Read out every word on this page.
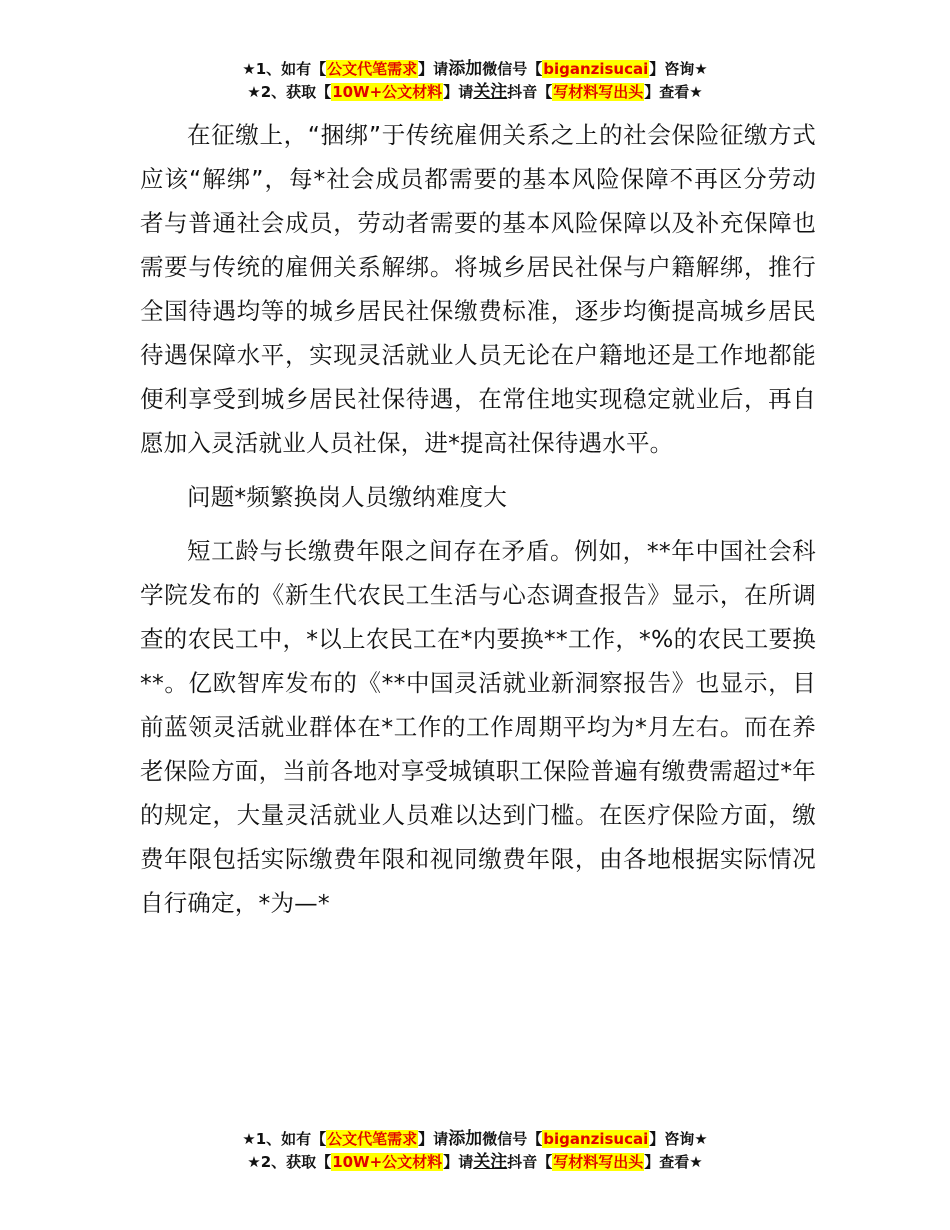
★1、如有【公文代笔需求】请添加微信号【biganzisucai】咨询★
★2、获取【10W+公文材料】请关注抖音【写材料写出头】查看★

在征缴上，“捆绑”于传统雇佣关系之上的社会保险征缴方式应该“解绑”，每*社会成员都需要的基本风险保障不再区分劳动者与普通社会成员，劳动者需要的基本风险保障以及补充保障也需要与传统的雇佣关系解绑。将城乡居民社保与户籍解绑，推行全国待遇均等的城乡居民社保缴费标准，逐步均衡提高城乡居民待遇保障水平，实现灵活就业人员无论在户籍地还是工作地都能便利享受到城乡居民社保待遇，在常住地实现稳定就业后，再自愿加入灵活就业人员社保，进*提高社保待遇水平。

问题*频繁换岗人员缴纳难度大

短工龄与长缴费年限之间存在矛盾。例如，**年中国社会科学院发布的《新生代农民工生活与心态调查报告》显示，在所调查的农民工中，*以上农民工在*内要换**工作，*%的农民工要换**。亿欧智库发布的《**中国灵活就业新洞察报告》也显示，目前蓝领灵活就业群体在*工作的工作周期平均为*月左右。而在养老保险方面，当前各地对享受城镇职工保险普遍有缴费需超过*年的规定，大量灵活就业人员难以达到门槛。在医疗保险方面，缴费年限包括实际缴费年限和视同缴费年限，由各地根据实际情况自行确定，*为—*

★1、如有【公文代笔需求】请添加微信号【biganzisucai】咨询★
★2、获取【10W+公文材料】请关注抖音【写材料写出头】查看★
